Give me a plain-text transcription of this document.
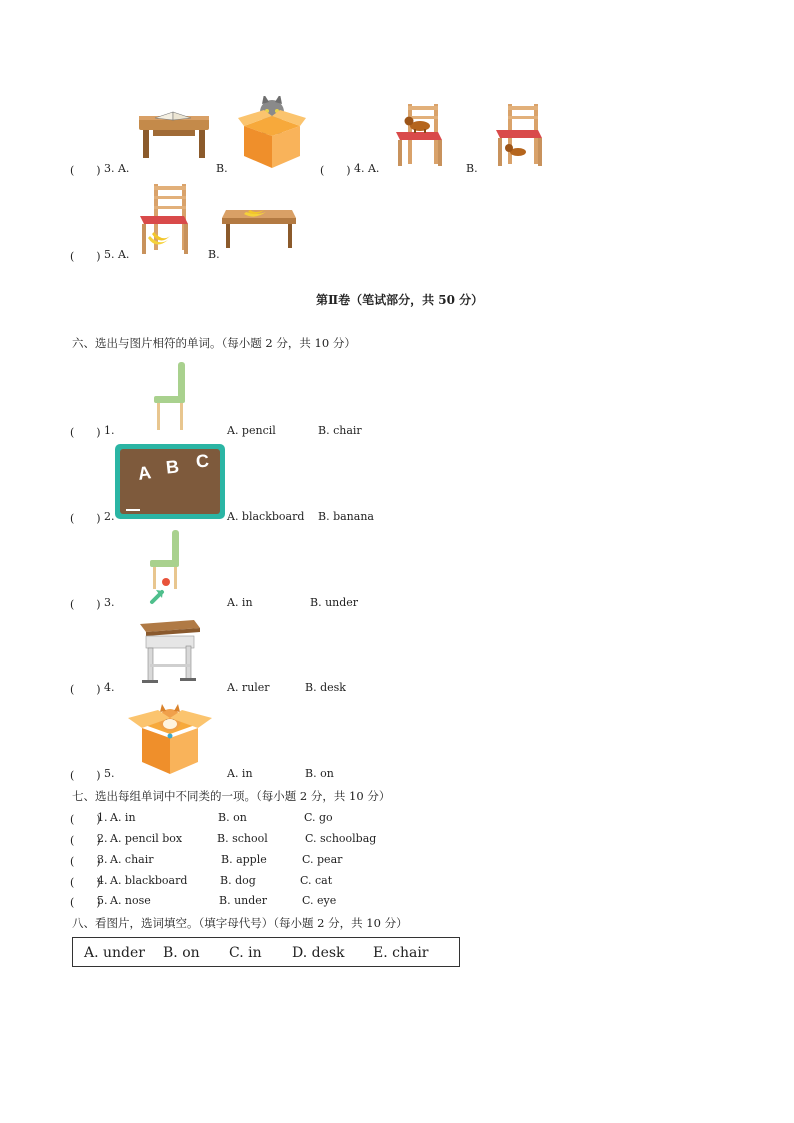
(　　) 3. A.	B.	(　　) 4. A.	B.
(　　) 5. A.	B.
第Ⅱ卷（笔试部分，共 50 分）
六、选出与图片相符的单词。（每小题 2 分，共 10 分）
(　　) 1.	A. pencil	B. chair
A B C
(　　) 2.	A. blackboard B. banana
(　　) 3.	A. in	B. under
(　　) 4.	A. ruler	B. desk
(　　) 5.	A. in	B. on
七、选出每组单词中不同类的一项。（每小题 2 分，共 10 分）
(　　)
1. A. in	B. on	C. go
(　　)
2. A. pencil box	B. school	C. schoolbag
(　　)
3. A. chair	B. apple	C. pear
(　　)
4. A. blackboard	B. dog	C. cat
(　　)
5. A. nose	B. under	C. eye
八、看图片，选词填空。（填字母代号）（每小题 2 分，共 10 分）
A. under B. on C. in D. desk E. chair
